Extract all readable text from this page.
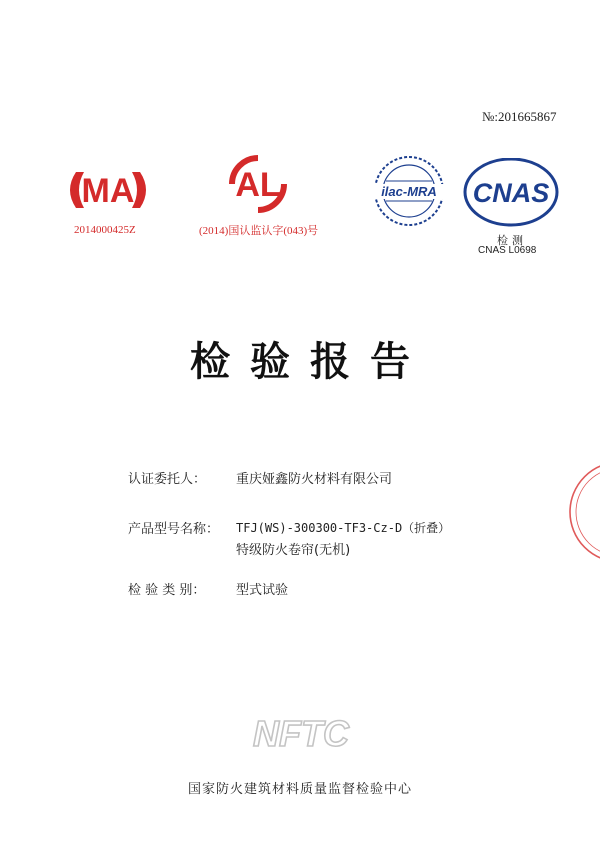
№:201665867
MA
2014000425Z
AL
(2014)国认监认字(043)号
ilac-MRA CNAS
检测
CNAS L0698
检验报告
认证委托人： 重庆娅鑫防火材料有限公司
产品型号名称： TFJ(WS)-300300-TF3-Cz-D（折叠）
特级防火卷帘(无机)
检 验 类 别： 型式试验
NFTC
国家防火建筑材料质量监督检验中心
